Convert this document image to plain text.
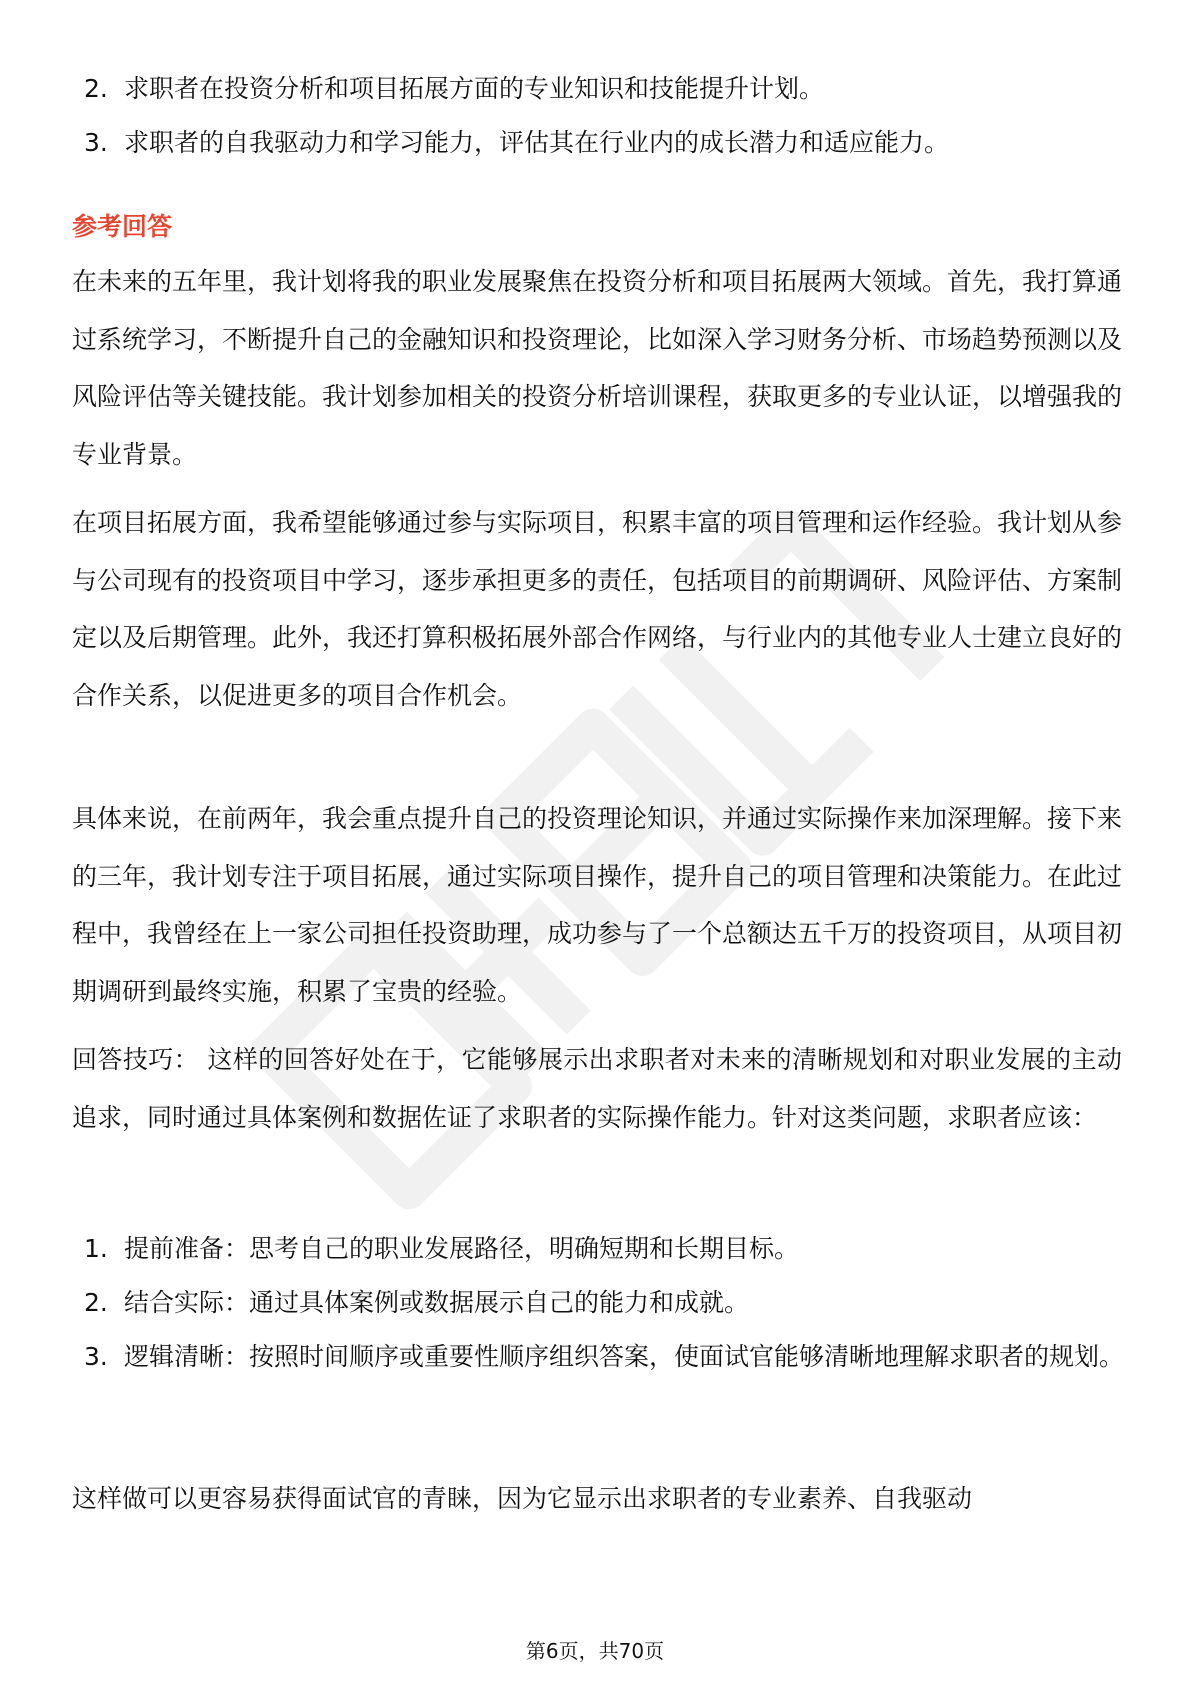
2. 求职者在投资分析和项目拓展方面的专业知识和技能提升计划。
3. 求职者的自我驱动力和学习能力，评估其在行业内的成长潜力和适应能力。
参考回答
在未来的五年里，我计划将我的职业发展聚焦在投资分析和项目拓展两大领域。首先，我打算通过系统学习，不断提升自己的金融知识和投资理论，比如深入学习财务分析、市场趋势预测以及风险评估等关键技能。我计划参加相关的投资分析培训课程，获取更多的专业认证，以增强我的专业背景。
在项目拓展方面，我希望能够通过参与实际项目，积累丰富的项目管理和运作经验。我计划从参与公司现有的投资项目中学习，逐步承担更多的责任，包括项目的前期调研、风险评估、方案制定以及后期管理。此外，我还打算积极拓展外部合作网络，与行业内的其他专业人士建立良好的合作关系，以促进更多的项目合作机会。
具体来说，在前两年，我会重点提升自己的投资理论知识，并通过实际操作来加深理解。接下来的三年，我计划专注于项目拓展，通过实际项目操作，提升自己的项目管理和决策能力。在此过程中，我曾经在上一家公司担任投资助理，成功参与了一个总额达五千万的投资项目，从项目初期调研到最终实施，积累了宝贵的经验。
回答技巧： 这样的回答好处在于，它能够展示出求职者对未来的清晰规划和对职业发展的主动追求，同时通过具体案例和数据佐证了求职者的实际操作能力。针对这类问题，求职者应该：
1. 提前准备：思考自己的职业发展路径，明确短期和长期目标。
2. 结合实际：通过具体案例或数据展示自己的能力和成就。
3. 逻辑清晰：按照时间顺序或重要性顺序组织答案，使面试官能够清晰地理解求职者的规划。
这样做可以更容易获得面试官的青睐，因为它显示出求职者的专业素养、自我驱动
第6页，共70页
